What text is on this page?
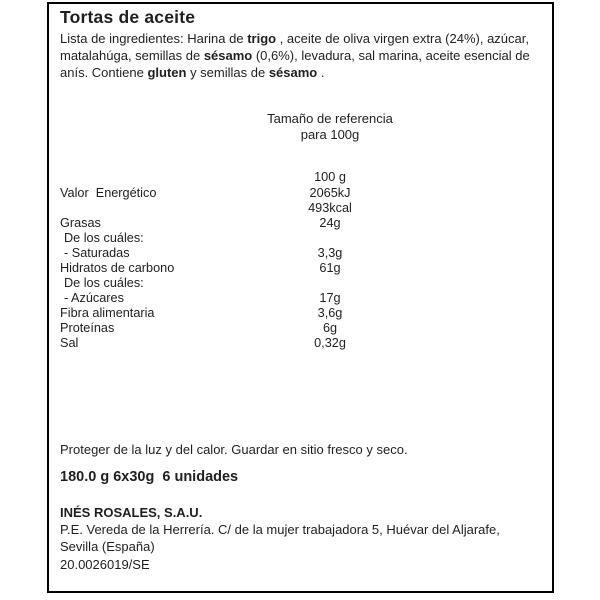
Tortas de aceite
Lista de ingredientes: Harina de trigo , aceite de oliva virgen extra (24%), azúcar, matalahúga, semillas de sésamo (0,6%), levadura, sal marina, aceite esencial de anís. Contiene gluten y semillas de sésamo .
Tamaño de referencia
para 100g
100 g
Valor  Energético	2065kJ
493kcal
Grasas	24g
De los cuáles:
- Saturadas	3,3g
Hidratos de carbono	61g
De los cuáles:
- Azúcares	17g
Fibra alimentaria	3,6g
Proteínas	6g
Sal	0,32g
Proteger de la luz y del calor. Guardar en sitio fresco y seco.
180.0 g 6x30g  6 unidades
INÉS ROSALES, S.A.U.
P.E. Vereda de la Herrería. C/ de la mujer trabajadora 5, Huévar del Aljarafe,
Sevilla (España)
20.0026019/SE
